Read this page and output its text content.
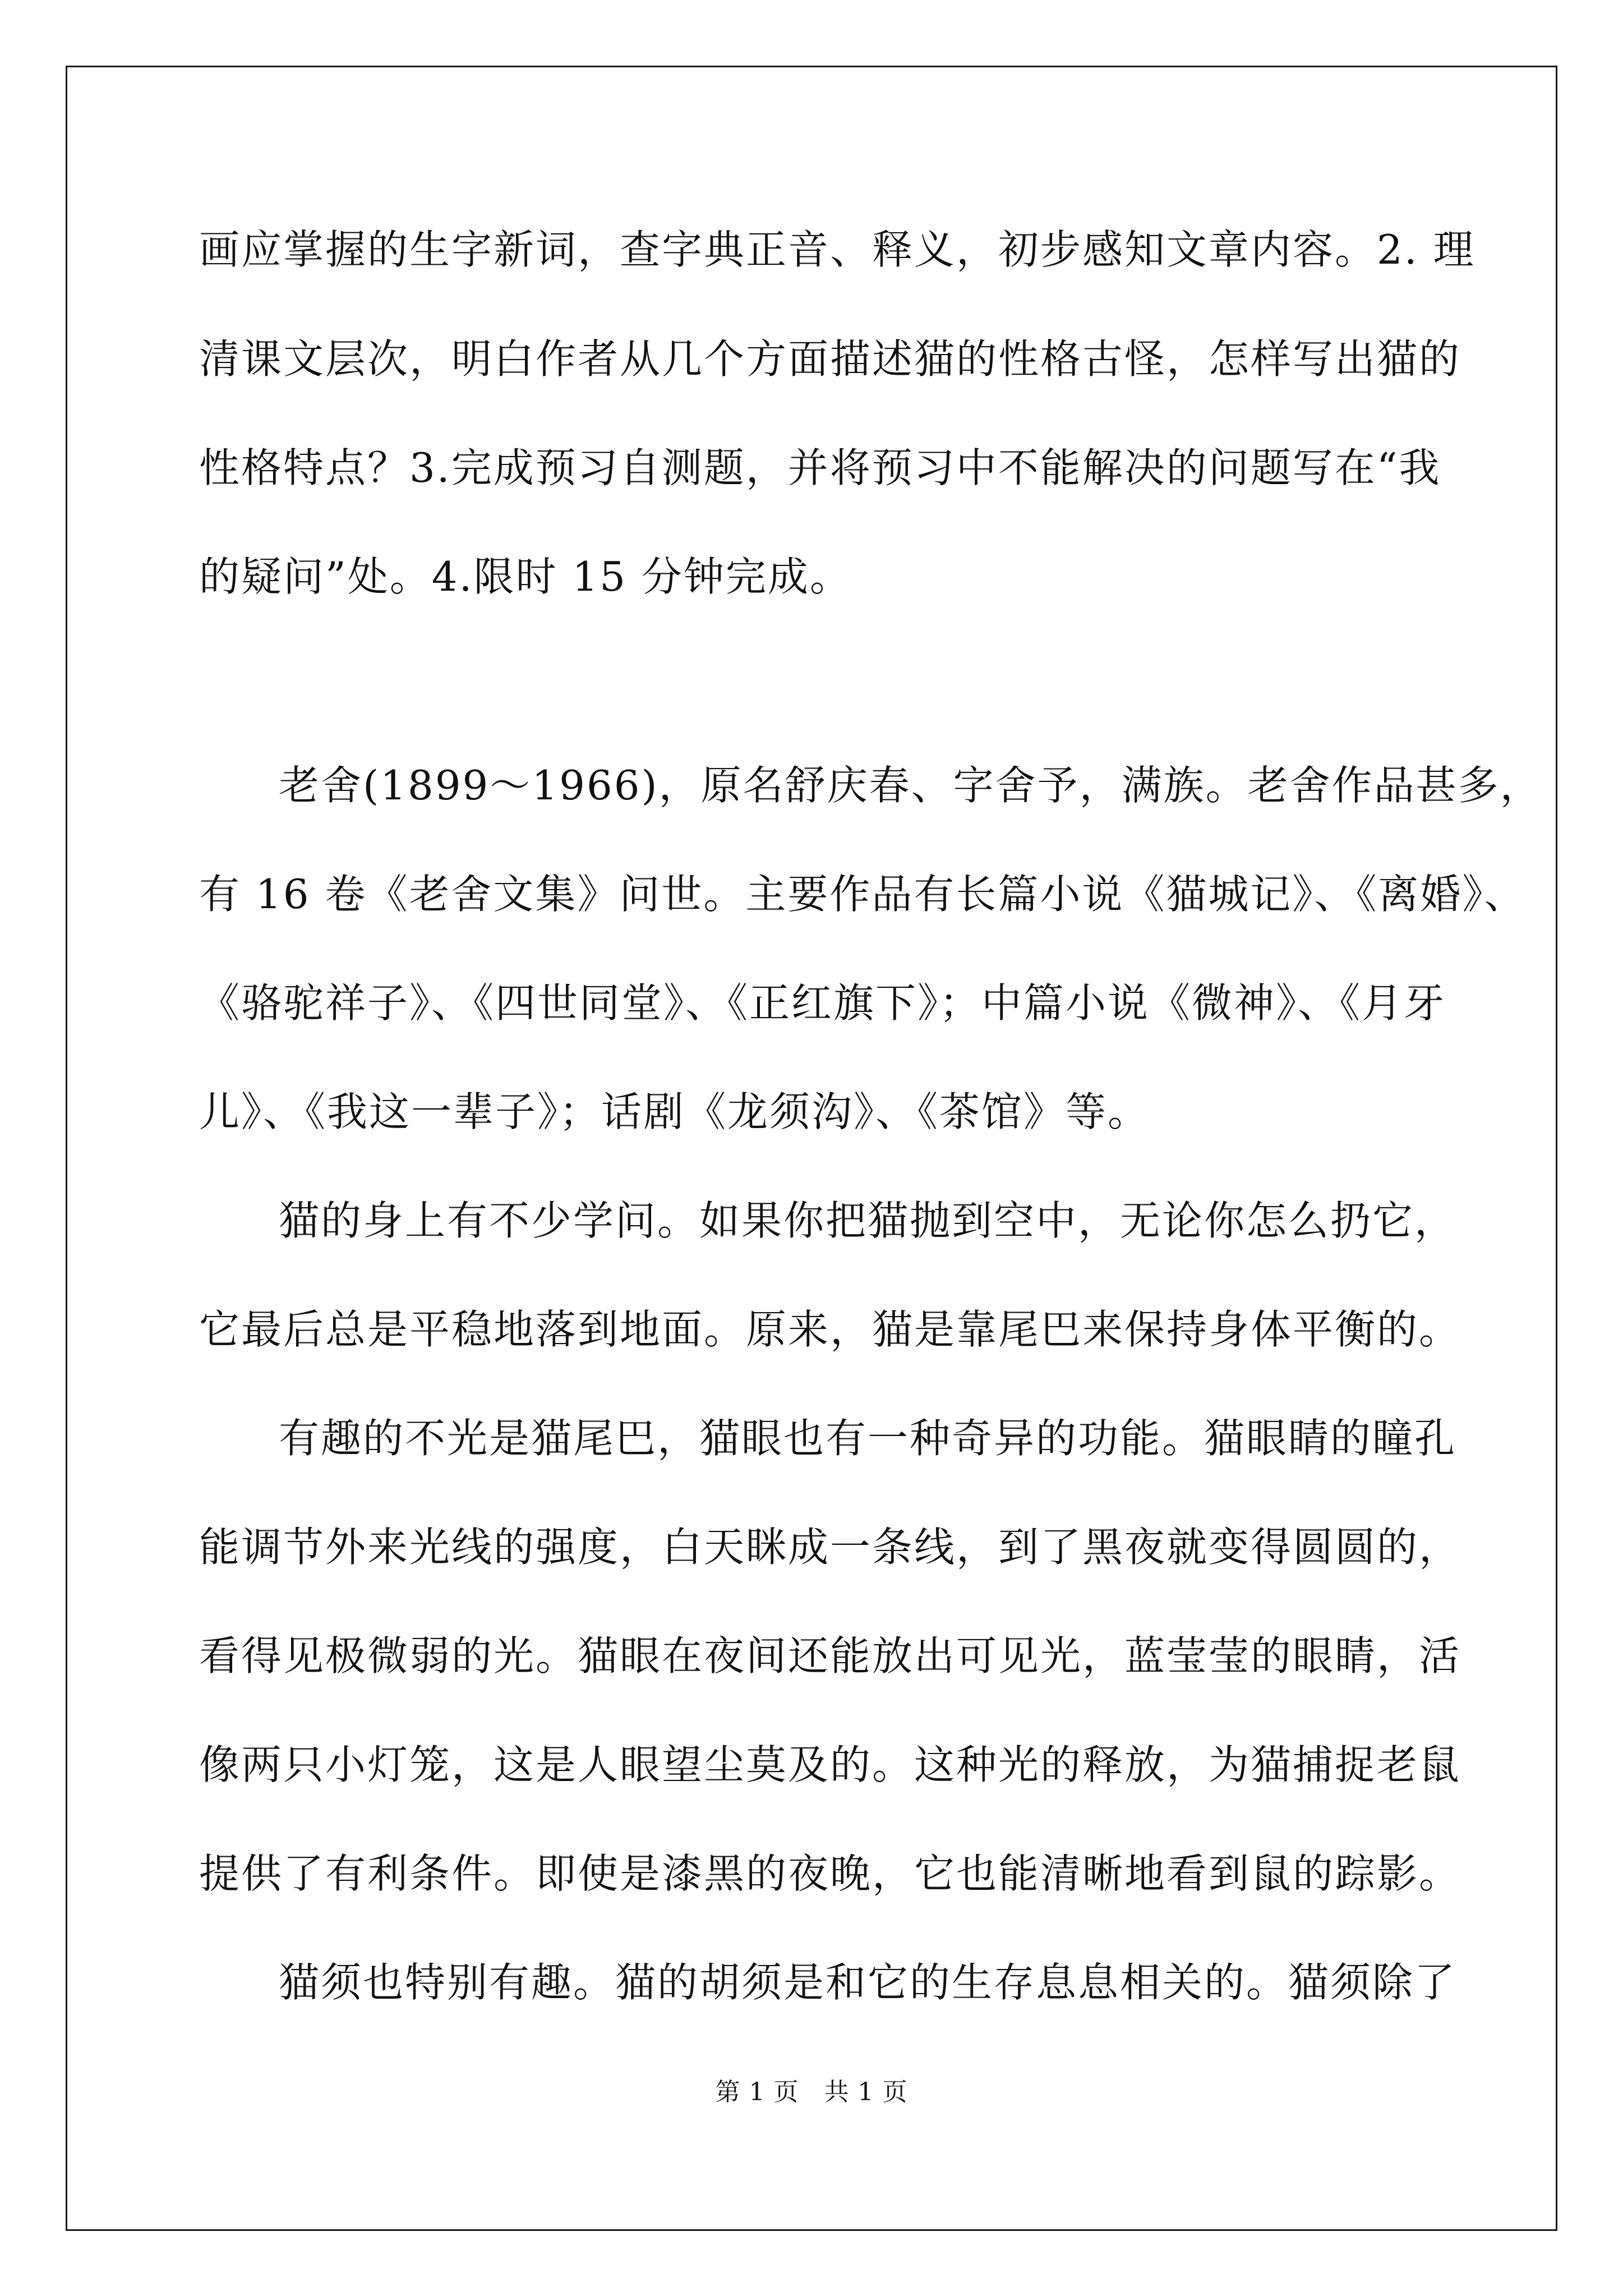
画应掌握的生字新词，查字典正音、释义，初步感知文章内容。2. 理
清课文层次，明白作者从几个方面描述猫的性格古怪，怎样写出猫的
性格特点？3.完成预习自测题，并将预习中不能解决的问题写在“我
的疑问”处。4.限时 15 分钟完成。
老舍(1899～1966)，原名舒庆春、字舍予，满族。老舍作品甚多，
有 16 卷《老舍文集》问世。主要作品有长篇小说《猫城记》、《离婚》、
《骆驼祥子》、《四世同堂》、《正红旗下》；中篇小说《微神》、《月牙
儿》、《我这一辈子》；话剧《龙须沟》、《茶馆》等。
猫的身上有不少学问。如果你把猫抛到空中，无论你怎么扔它，
它最后总是平稳地落到地面。原来，猫是靠尾巴来保持身体平衡的。
有趣的不光是猫尾巴，猫眼也有一种奇异的功能。猫眼睛的瞳孔
能调节外来光线的强度，白天眯成一条线，到了黑夜就变得圆圆的，
看得见极微弱的光。猫眼在夜间还能放出可见光，蓝莹莹的眼睛，活
像两只小灯笼，这是人眼望尘莫及的。这种光的释放，为猫捕捉老鼠
提供了有利条件。即使是漆黑的夜晚，它也能清晰地看到鼠的踪影。
猫须也特别有趣。猫的胡须是和它的生存息息相关的。猫须除了
第 1 页   共 1 页
